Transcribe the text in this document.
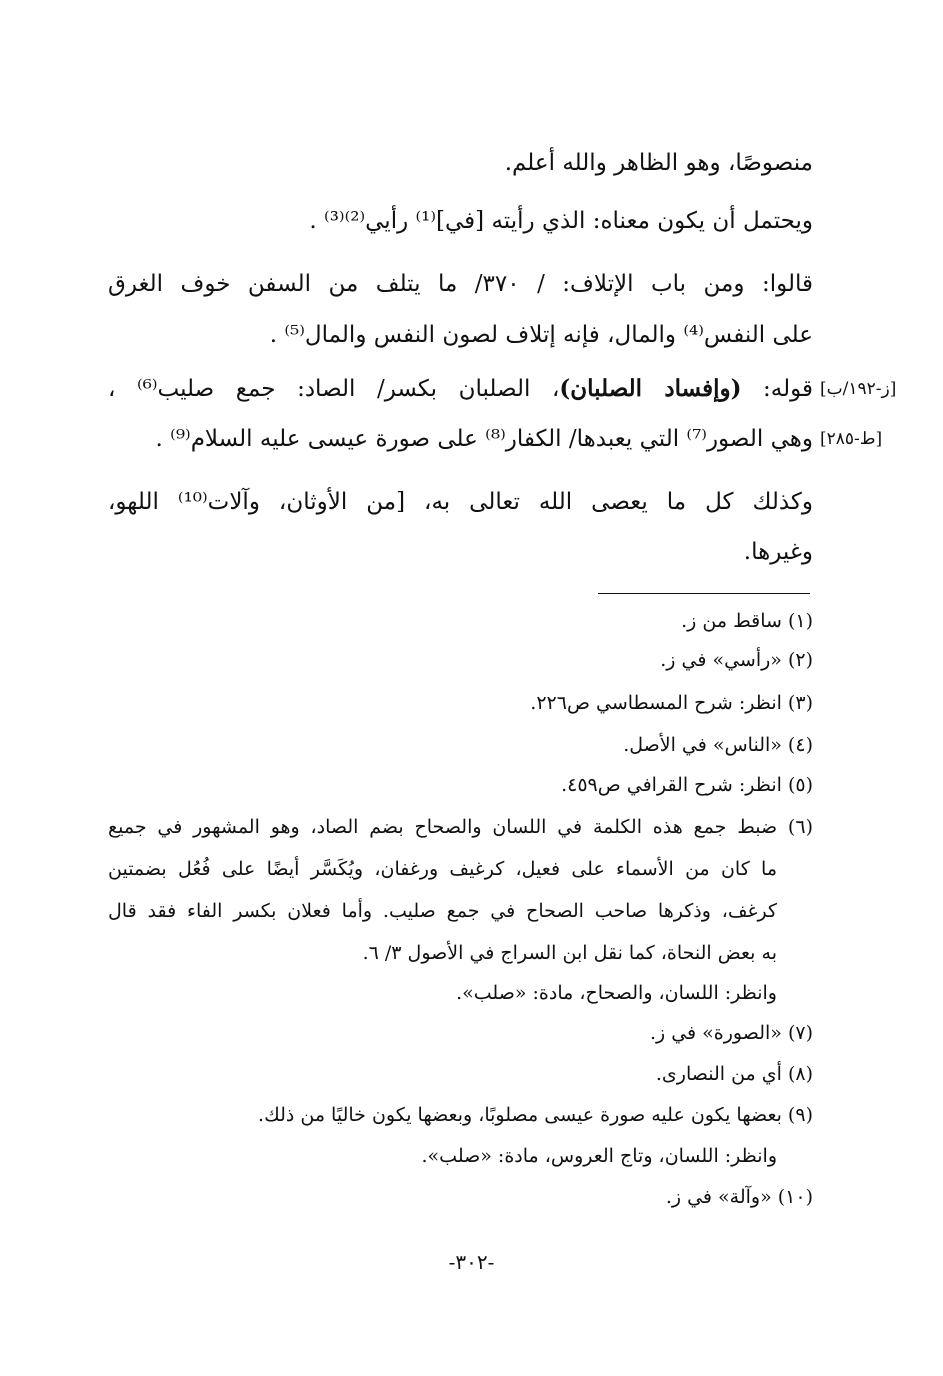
منصوصًا، وهو الظاهر والله أعلم.
ويحتمل أن يكون معناه: الذي رأيته [في]⁽¹⁾ رأيي⁽²⁾⁽³⁾ .
قالوا: ومن باب الإتلاف: / ٣٧٠/ ما يتلف من السفن خوف الغرق
على النفس⁽⁴⁾ والمال، فإنه إتلاف لصون النفس والمال⁽⁵⁾ .
قوله: (وإفساد الصلبان)، الصلبان بكسر/ الصاد: جمع صليب⁽⁶⁾ ،	[ز-١٩٢/ب]
وهي الصور⁽⁷⁾ التي يعبدها/ الكفار⁽⁸⁾ على صورة عيسى عليه السلام⁽⁹⁾ . [ط-٢٨٥]
وكذلك كل ما يعصى الله تعالى به، [من الأوثان، وآلات⁽¹⁰⁾ اللهو،
وغيرها.
(١) ساقط من ز.
(٢) «رأسي» في ز.
(٣) انظر: شرح المسطاسي ص٢٢٦.
(٤) «الناس» في الأصل.
(٥) انظر: شرح القرافي ص٤٥٩.
(٦) ضبط جمع هذه الكلمة في اللسان والصحاح بضم الصاد، وهو المشهور في جميع
ما كان من الأسماء على فعيل، كرغيف ورغفان، ويُكَسَّر أيضًا على فُعُل بضمتين
كرغف، وذكرها صاحب الصحاح في جمع صليب. وأما فعلان بكسر الفاء فقد قال
به بعض النحاة، كما نقل ابن السراج في الأصول ٣/ ٦.
وانظر: اللسان، والصحاح، مادة: «صلب».
(٧) «الصورة» في ز.
(٨) أي من النصارى.
(٩) بعضها يكون عليه صورة عيسى مصلوبًا، وبعضها يكون خاليًا من ذلك.
وانظر: اللسان، وتاج العروس، مادة: «صلب».
(١٠) «وآلة» في ز.
-٣٠٢-
